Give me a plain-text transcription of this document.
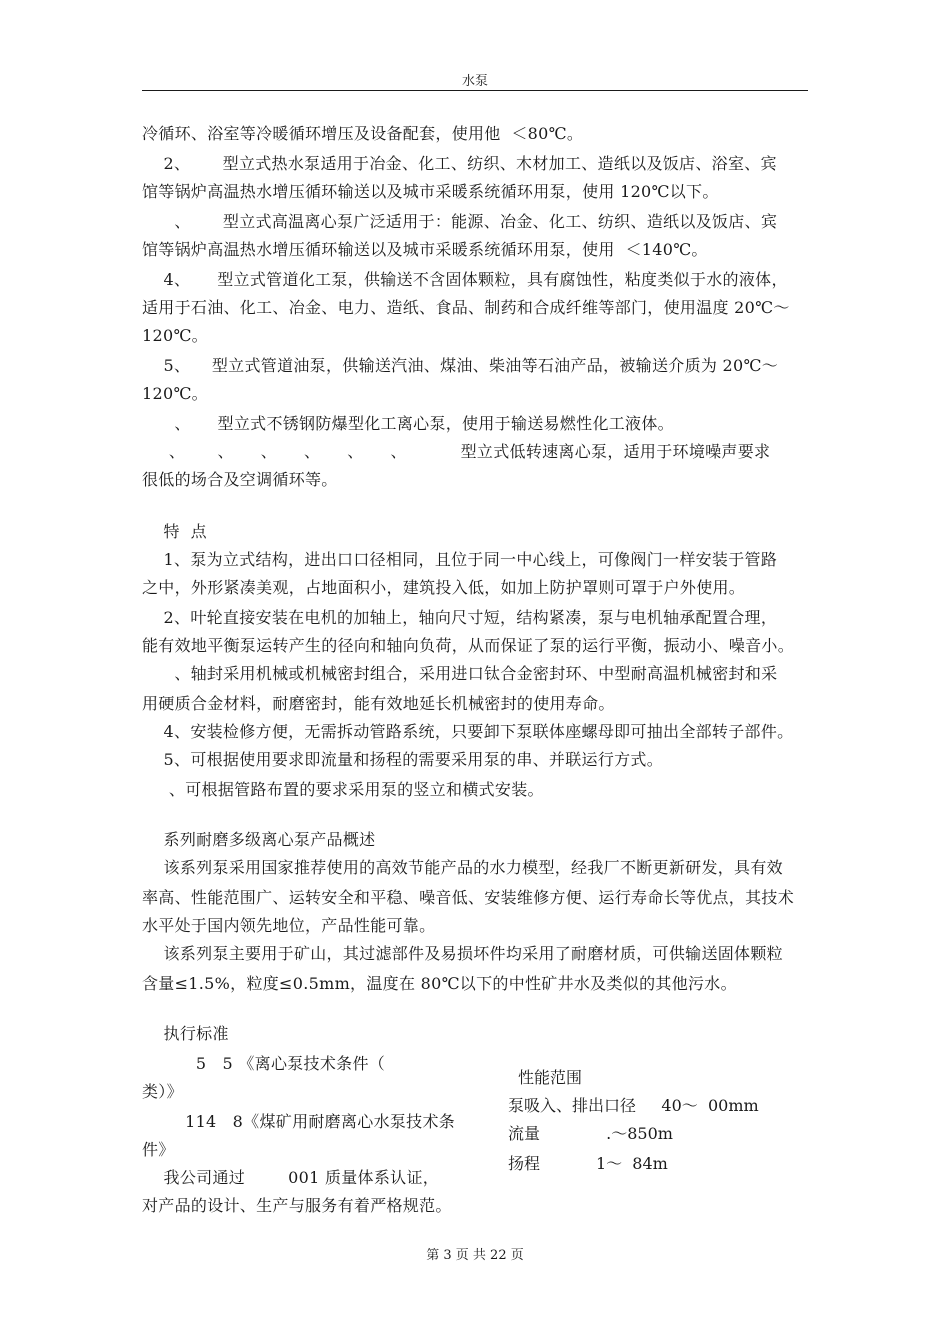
水泵
冷循环、浴室等冷暖循环增压及设备配套，使用他  ＜80℃。
2、      型立式热水泵适用于冶金、化工、纺织、木材加工、造纸以及饭店、浴室、宾
馆等锅炉高温热水增压循环输送以及城市采暖系统循环用泵，使用 120℃以下。
、      型立式高温离心泵广泛适用于：能源、冶金、化工、纺织、造纸以及饭店、宾
馆等锅炉高温热水增压循环输送以及城市采暖系统循环用泵，使用  ＜140℃。
4、     型立式管道化工泵，供输送不含固体颗粒，具有腐蚀性，粘度类似于水的液体，
适用于石油、化工、冶金、电力、造纸、食品、制药和合成纤维等部门，使用温度 20℃～
120℃。
5、    型立式管道油泵，供输送汽油、煤油、柴油等石油产品，被输送介质为 20℃～
120℃。
、     型立式不锈钢防爆型化工离心泵，使用于输送易燃性化工液体。
、      、     、     、     、     、          型立式低转速离心泵，适用于环境噪声要求
很低的场合及空调循环等。
特  点
1、泵为立式结构，进出口口径相同，且位于同一中心线上，可像阀门一样安装于管路
之中，外形紧凑美观，占地面积小，建筑投入低，如加上防护罩则可罩于户外使用。
2、叶轮直接安装在电机的加轴上，轴向尺寸短，结构紧凑，泵与电机轴承配置合理，
能有效地平衡泵运转产生的径向和轴向负荷，从而保证了泵的运行平衡，振动小、噪音小。
、轴封采用机械或机械密封组合，采用进口钛合金密封环、中型耐高温机械密封和采
用硬质合金材料，耐磨密封，能有效地延长机械密封的使用寿命。
4、安装检修方便，无需拆动管路系统，只要卸下泵联体座螺母即可抽出全部转子部件。
5、可根据使用要求即流量和扬程的需要采用泵的串、并联运行方式。
、可根据管路布置的要求采用泵的竖立和横式安装。
系列耐磨多级离心泵产品概述
该系列泵采用国家推荐使用的高效节能产品的水力模型，经我厂不断更新研发，具有效
率高、性能范围广、运转安全和平稳、噪音低、安装维修方便、运行寿命长等优点，其技术
水平处于国内领先地位，产品性能可靠。
该系列泵主要用于矿山，其过滤部件及易损坏件均采用了耐磨材质，可供输送固体颗粒
含量≤1.5%，粒度≤0.5mm，温度在 80℃以下的中性矿井水及类似的其他污水。
执行标准
5   5 《离心泵技术条件（
类）》
114   8《煤矿用耐磨离心水泵技术条
件》
我公司通过        001 质量体系认证，
对产品的设计、生产与服务有着严格规范。
性能范围
泵吸入、排出口径     40～  00mm
流量             .～850m
扬程           1～  84m
第 3 页 共 22 页
